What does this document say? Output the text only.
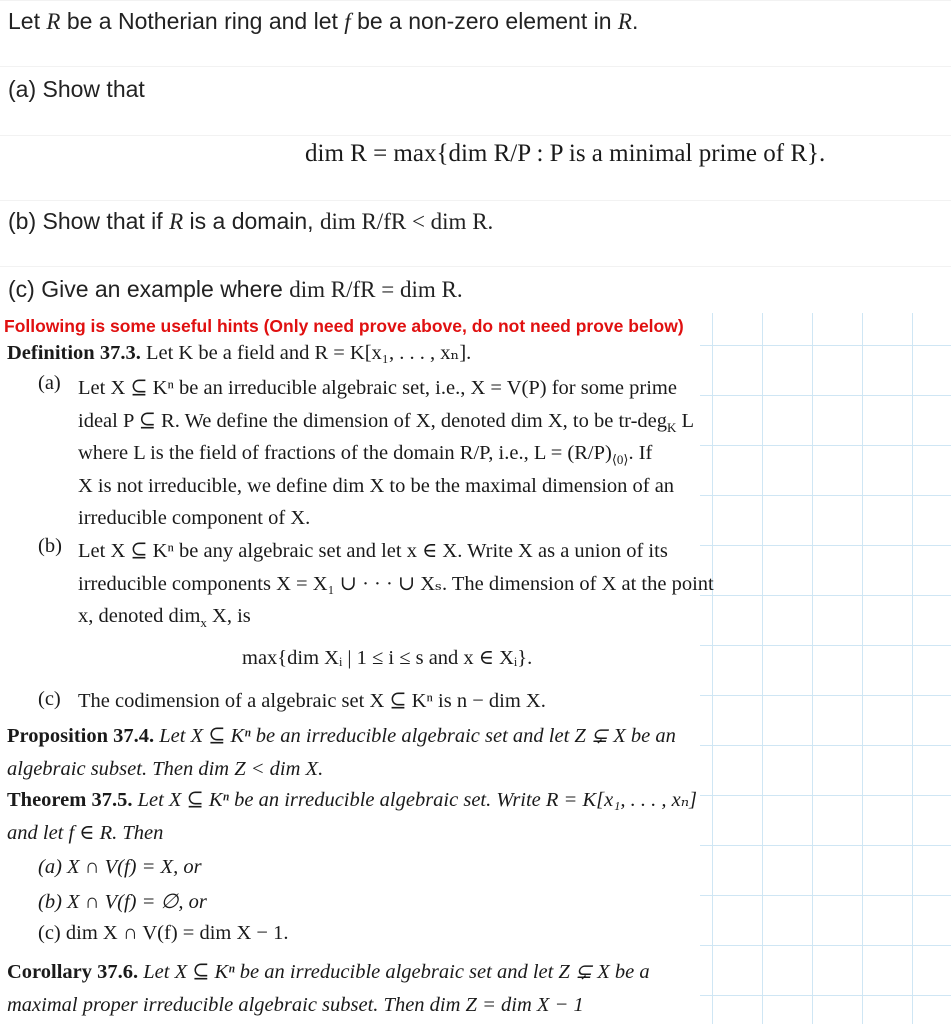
Let R be a Notherian ring and let f be a non-zero element in R.
(a) Show that
dim R = max{dim R/P : P is a minimal prime of R}.
(b) Show that if R is a domain, dim R/fR < dim R.
(c) Give an example where dim R/fR = dim R.
Following is some useful hints (Only need prove above, do not need prove below)
Definition 37.3. Let K be a field and R = K[x₁, . . . , xₙ].
(a) Let X ⊆ Kⁿ be an irreducible algebraic set, i.e., X = V(P) for some prime
ideal P ⊆ R. We define the dimension of X, denoted dim X, to be tr-deg$_K$ L
where L is the field of fractions of the domain R/P, i.e., $L = (R/P)_{⟨0⟩}$. If
X is not irreducible, we define dim X to be the maximal dimension of an
irreducible component of X.
(b) Let X ⊆ Kⁿ be any algebraic set and let x ∈ X. Write X as a union of its
irreducible components X = X₁ ∪ · · · ∪ Xₛ. The dimension of X at the point
x, denoted dim$_x$ X, is
max{dim Xᵢ | 1 ≤ i ≤ s and x ∈ Xᵢ}.
(c) The codimension of a algebraic set X ⊆ Kⁿ is n − dim X.
Proposition 37.4. Let X ⊆ Kⁿ be an irreducible algebraic set and let Z ⊊ X be an
algebraic subset. Then dim Z < dim X.
Theorem 37.5. Let X ⊆ Kⁿ be an irreducible algebraic set. Write R = K[x₁, . . . , xₙ]
and let f ∈ R. Then
(a) X ∩ V(f) = X, or
(b) X ∩ V(f) = ∅, or
(c) dim X ∩ V(f) = dim X − 1.
Corollary 37.6. Let X ⊆ Kⁿ be an irreducible algebraic set and let Z ⊊ X be a
maximal proper irreducible algebraic subset. Then dim Z = dim X − 1
